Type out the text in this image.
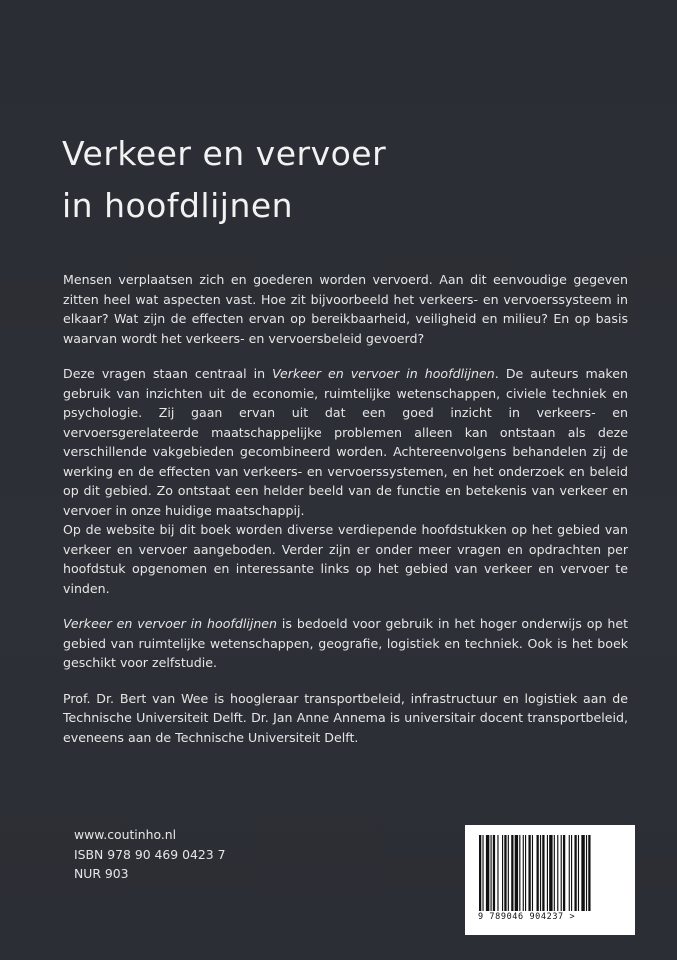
Verkeer en vervoer
in hoofdlijnen

Mensen verplaatsen zich en goederen worden vervoerd. Aan dit eenvoudige gegeven zitten heel wat aspecten vast. Hoe zit bijvoorbeeld het verkeers- en vervoerssysteem in elkaar? Wat zijn de effecten ervan op bereikbaarheid, veiligheid en milieu? En op basis waarvan wordt het verkeers- en vervoersbeleid gevoerd?

Deze vragen staan centraal in Verkeer en vervoer in hoofdlijnen. De auteurs maken gebruik van inzichten uit de economie, ruimtelijke wetenschappen, civiele techniek en psychologie. Zij gaan ervan uit dat een goed inzicht in verkeers- en vervoersgerelateerde maatschappelijke problemen alleen kan ontstaan als deze verschillende vakgebieden gecombineerd worden. Achtereenvolgens behandelen zij de werking en de effecten van verkeers- en vervoerssystemen, en het onderzoek en beleid op dit gebied. Zo ontstaat een helder beeld van de functie en betekenis van verkeer en vervoer in onze huidige maatschappij.

Op de website bij dit boek worden diverse verdiepende hoofdstukken op het gebied van verkeer en vervoer aangeboden. Verder zijn er onder meer vragen en opdrachten per hoofdstuk opgenomen en interessante links op het gebied van verkeer en vervoer te vinden.

Verkeer en vervoer in hoofdlijnen is bedoeld voor gebruik in het hoger onderwijs op het gebied van ruimtelijke wetenschappen, geografie, logistiek en techniek. Ook is het boek geschikt voor zelfstudie.

Prof. Dr. Bert van Wee is hoogleraar transportbeleid, infrastructuur en logistiek aan de Technische Universiteit Delft. Dr. Jan Anne Annema is universitair docent transportbeleid, eveneens aan de Technische Universiteit Delft.

www.coutinho.nl
ISBN 978 90 469 0423 7
NUR 903
9 789046 904237 >
